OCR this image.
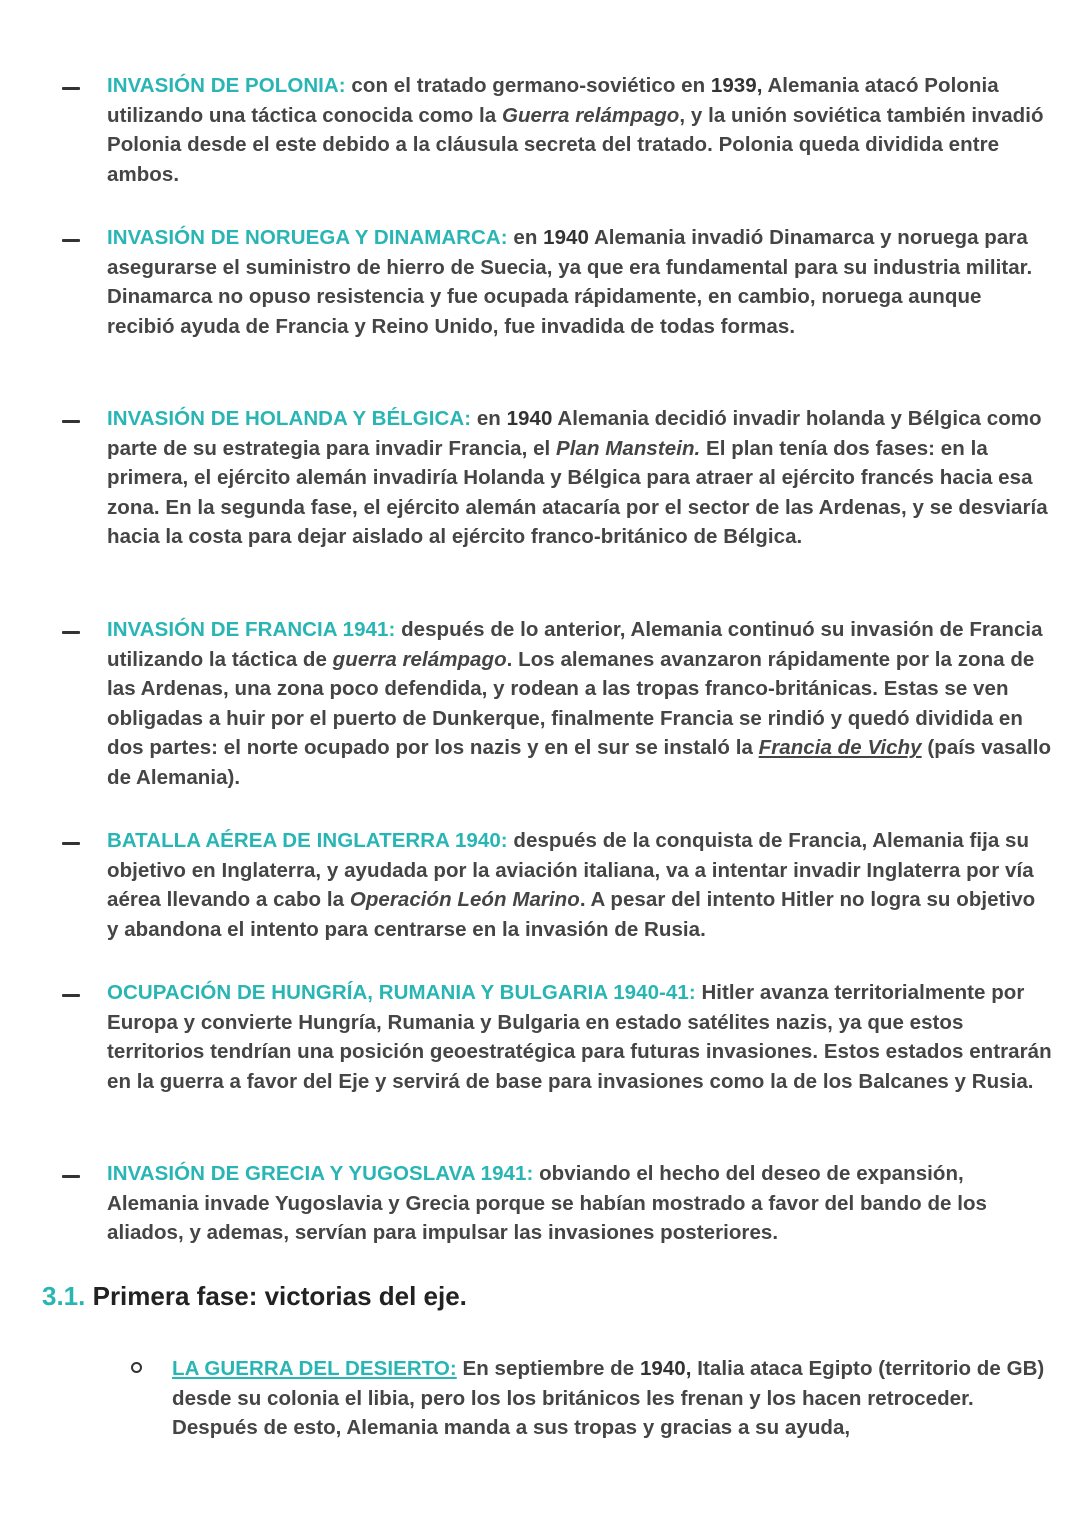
INVASIÓN DE POLONIA: con el tratado germano-soviético en 1939, Alemania atacó Polonia utilizando una táctica conocida como la Guerra relámpago, y la unión soviética también invadió Polonia desde el este debido a la cláusula secreta del tratado. Polonia queda dividida entre ambos.
INVASIÓN DE NORUEGA Y DINAMARCA: en 1940 Alemania invadió Dinamarca y noruega para asegurarse el suministro de hierro de Suecia, ya que era fundamental para su industria militar. Dinamarca no opuso resistencia y fue ocupada rápidamente, en cambio, noruega aunque recibió ayuda de Francia y Reino Unido, fue invadida de todas formas.
INVASIÓN DE HOLANDA Y BÉLGICA: en 1940 Alemania decidió invadir holanda y Bélgica como parte de su estrategia para invadir Francia, el Plan Manstein. El plan tenía dos fases: en la primera, el ejército alemán invadiría Holanda y Bélgica para atraer al ejército francés hacia esa zona. En la segunda fase, el ejército alemán atacaría por el sector de las Ardenas, y se desviaría hacia la costa para dejar aislado al ejército franco-británico de Bélgica.
INVASIÓN DE FRANCIA 1941: después de lo anterior, Alemania continuó su invasión de Francia utilizando la táctica de guerra relámpago. Los alemanes avanzaron rápidamente por la zona de las Ardenas, una zona poco defendida, y rodean a las tropas franco-británicas. Estas se ven obligadas a huir por el puerto de Dunkerque, finalmente Francia se rindió y quedó dividida en dos partes: el norte ocupado por los nazis y en el sur se instaló la Francia de Vichy (país vasallo de Alemania).
BATALLA AÉREA DE INGLATERRA 1940: después de la conquista de Francia, Alemania fija su objetivo en Inglaterra, y ayudada por la aviación italiana, va a intentar invadir Inglaterra por vía aérea llevando a cabo la Operación León Marino. A pesar del intento Hitler no logra su objetivo y abandona el intento para centrarse en la invasión de Rusia.
OCUPACIÓN DE HUNGRÍA, RUMANIA Y BULGARIA 1940-41: Hitler avanza territorialmente por Europa y convierte Hungría, Rumania y Bulgaria en estado satélites nazis, ya que estos territorios tendrían una posición geoestratégica para futuras invasiones. Estos estados entrarán en la guerra a favor del Eje y servirá de base para invasiones como la de los Balcanes y Rusia.
INVASIÓN DE GRECIA Y YUGOSLAVA 1941: obviando el hecho del deseo de expansión, Alemania invade Yugoslavia y Grecia porque se habían mostrado a favor del bando de los aliados, y ademas, servían para impulsar las invasiones posteriores.
3.1. Primera fase: victorias del eje.
LA GUERRA DEL DESIERTO: En septiembre de 1940, Italia ataca Egipto (territorio de GB) desde su colonia el libia, pero los los británicos les frenan y los hacen retroceder. Después de esto, Alemania manda a sus tropas y gracias a su ayuda,
